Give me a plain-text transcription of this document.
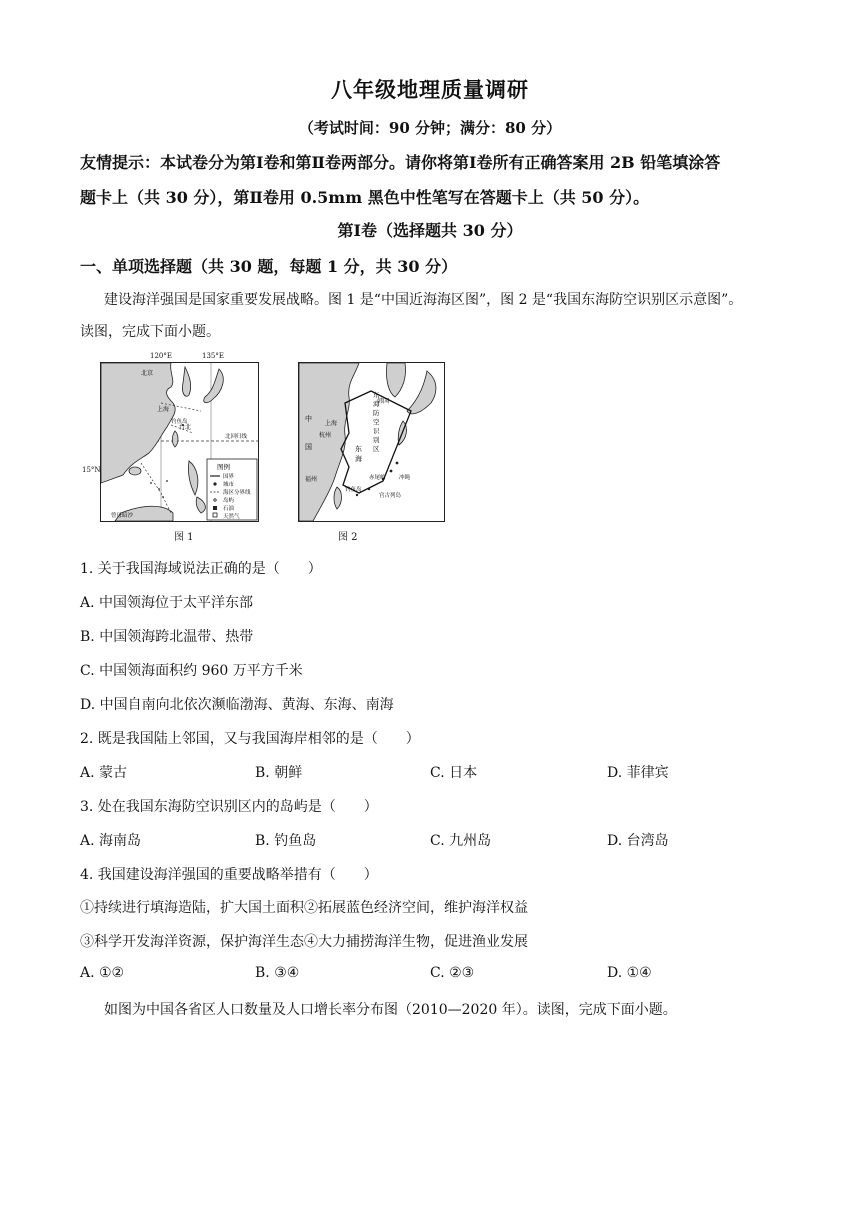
八年级地理质量调研
（考试时间：90 分钟；满分：80 分）
友情提示：本试卷分为第Ⅰ卷和第Ⅱ卷两部分。请你将第Ⅰ卷所有正确答案用 2B 铅笔填涂答
题卡上（共 30 分），第Ⅱ卷用 0.5mm 黑色中性笔写在答题卡上（共 50 分）。
第Ⅰ卷（选择题共 30 分）
一、单项选择题（共 30 题，每题 1 分，共 30 分）
建设海洋强国是国家重要发展战略。图 1 是“中国近海海区图”，图 2 是“我国东海防空识别区示意图”。
读图，完成下面小题。
图例
国界
城市
海区分界线
岛屿
石油
天然气
北京
上海
台北
钓鱼岛
北回归线
曾母暗沙
120°E	135°E
15°N
图 1
韩国
中
国
上海
杭州
福州
东
海
钓鱼岛
赤尾屿 冲绳
宫古列岛
东海防空识别区
图 2
1. 关于我国海域说法正确的是（　　）
A. 中国领海位于太平洋东部
B. 中国领海跨北温带、热带
C. 中国领海面积约 960 万平方千米
D. 中国自南向北依次濒临渤海、黄海、东海、南海
2. 既是我国陆上邻国，又与我国海岸相邻的是（　　）
A. 蒙古	B. 朝鲜	C. 日本	D. 菲律宾
3. 处在我国东海防空识别区内的岛屿是（　　）
A. 海南岛	B. 钓鱼岛	C. 九州岛	D. 台湾岛
4. 我国建设海洋强国的重要战略举措有（　　）
①持续进行填海造陆，扩大国土面积②拓展蓝色经济空间，维护海洋权益
③科学开发海洋资源，保护海洋生态④大力捕捞海洋生物，促进渔业发展
A. ①②	B. ③④	C. ②③	D. ①④
如图为中国各省区人口数量及人口增长率分布图（2010—2020 年）。读图，完成下面小题。
